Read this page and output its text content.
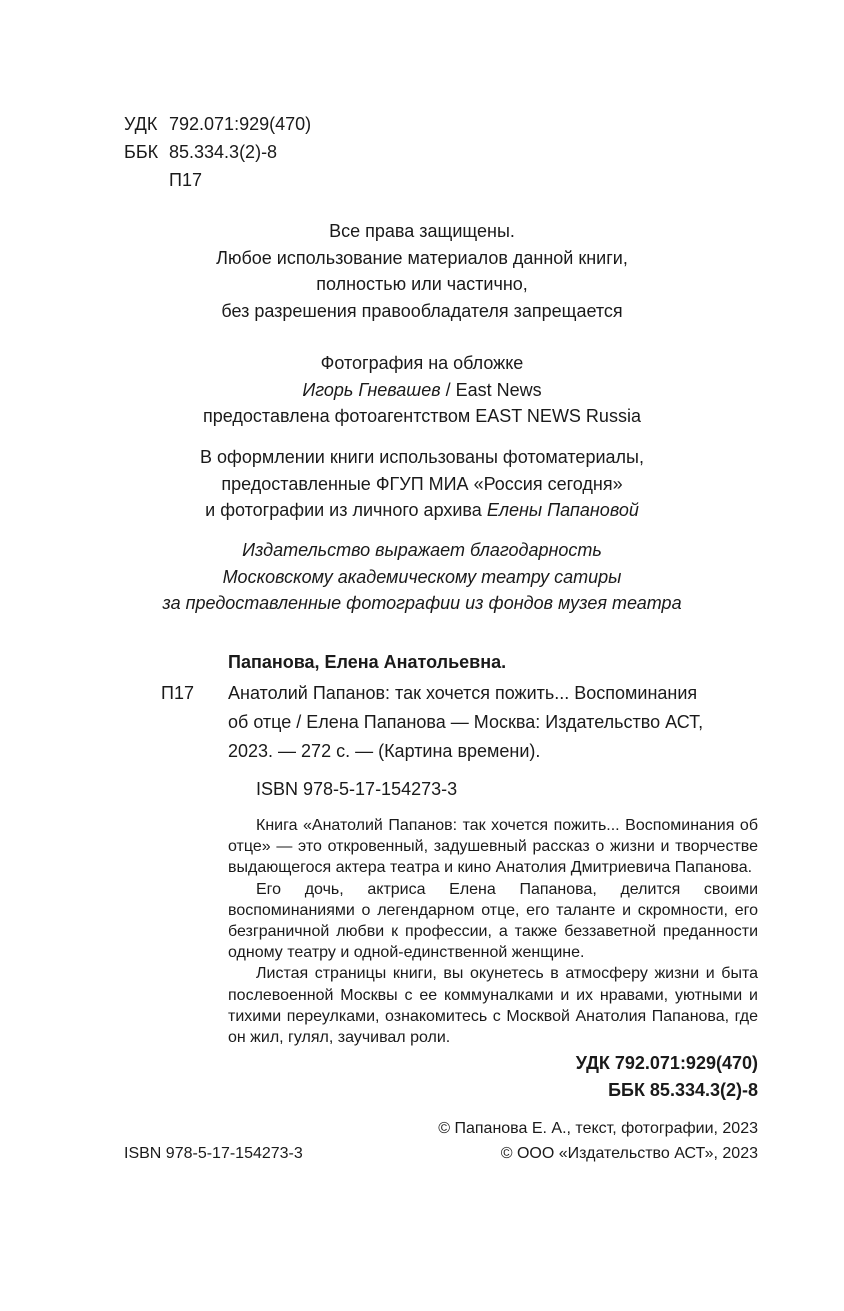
УДК 792.071:929(470)
ББК 85.334.3(2)-8
П17
Все права защищены.
Любое использование материалов данной книги,
полностью или частично,
без разрешения правообладателя запрещается
Фотография на обложке
Игорь Гневашев / East News
предоставлена фотоагентством EAST NEWS Russia
В оформлении книги использованы фотоматериалы,
предоставленные ФГУП МИА «Россия сегодня»
и фотографии из личного архива Елены Папановой
Издательство выражает благодарность
Московскому академическому театру сатиры
за предоставленные фотографии из фондов музея театра
Папанова, Елена Анатольевна.
П17 Анатолий Папанов: так хочется пожить... Воспоминания
об отце / Елена Папанова — Москва: Издательство АСТ,
2023. — 272 с. — (Картина времени).
ISBN 978-5-17-154273-3

Книга «Анатолий Папанов: так хочется пожить... Воспоминания об отце» — это откровенный, задушевный рассказ о жизни и творчестве выдающегося актера театра и кино Анатолия Дмитриевича Папанова.

Его дочь, актриса Елена Папанова, делится своими воспоминаниями о легендарном отце, его таланте и скромности, его безграничной любви к профессии, а также беззаветной преданности одному театру и одной-единственной женщине.

Листая страницы книги, вы окунетесь в атмосферу жизни и быта послевоенной Москвы с ее коммуналками и их нравами, уютными и тихими переулками, ознакомитесь с Москвой Анатолия Папанова, где он жил, гулял, заучивал роли.

УДК 792.071:929(470)
ББК 85.334.3(2)-8
ISBN 978-5-17-154273-3
© Папанова Е. А., текст, фотографии, 2023
© ООО «Издательство АСТ», 2023
